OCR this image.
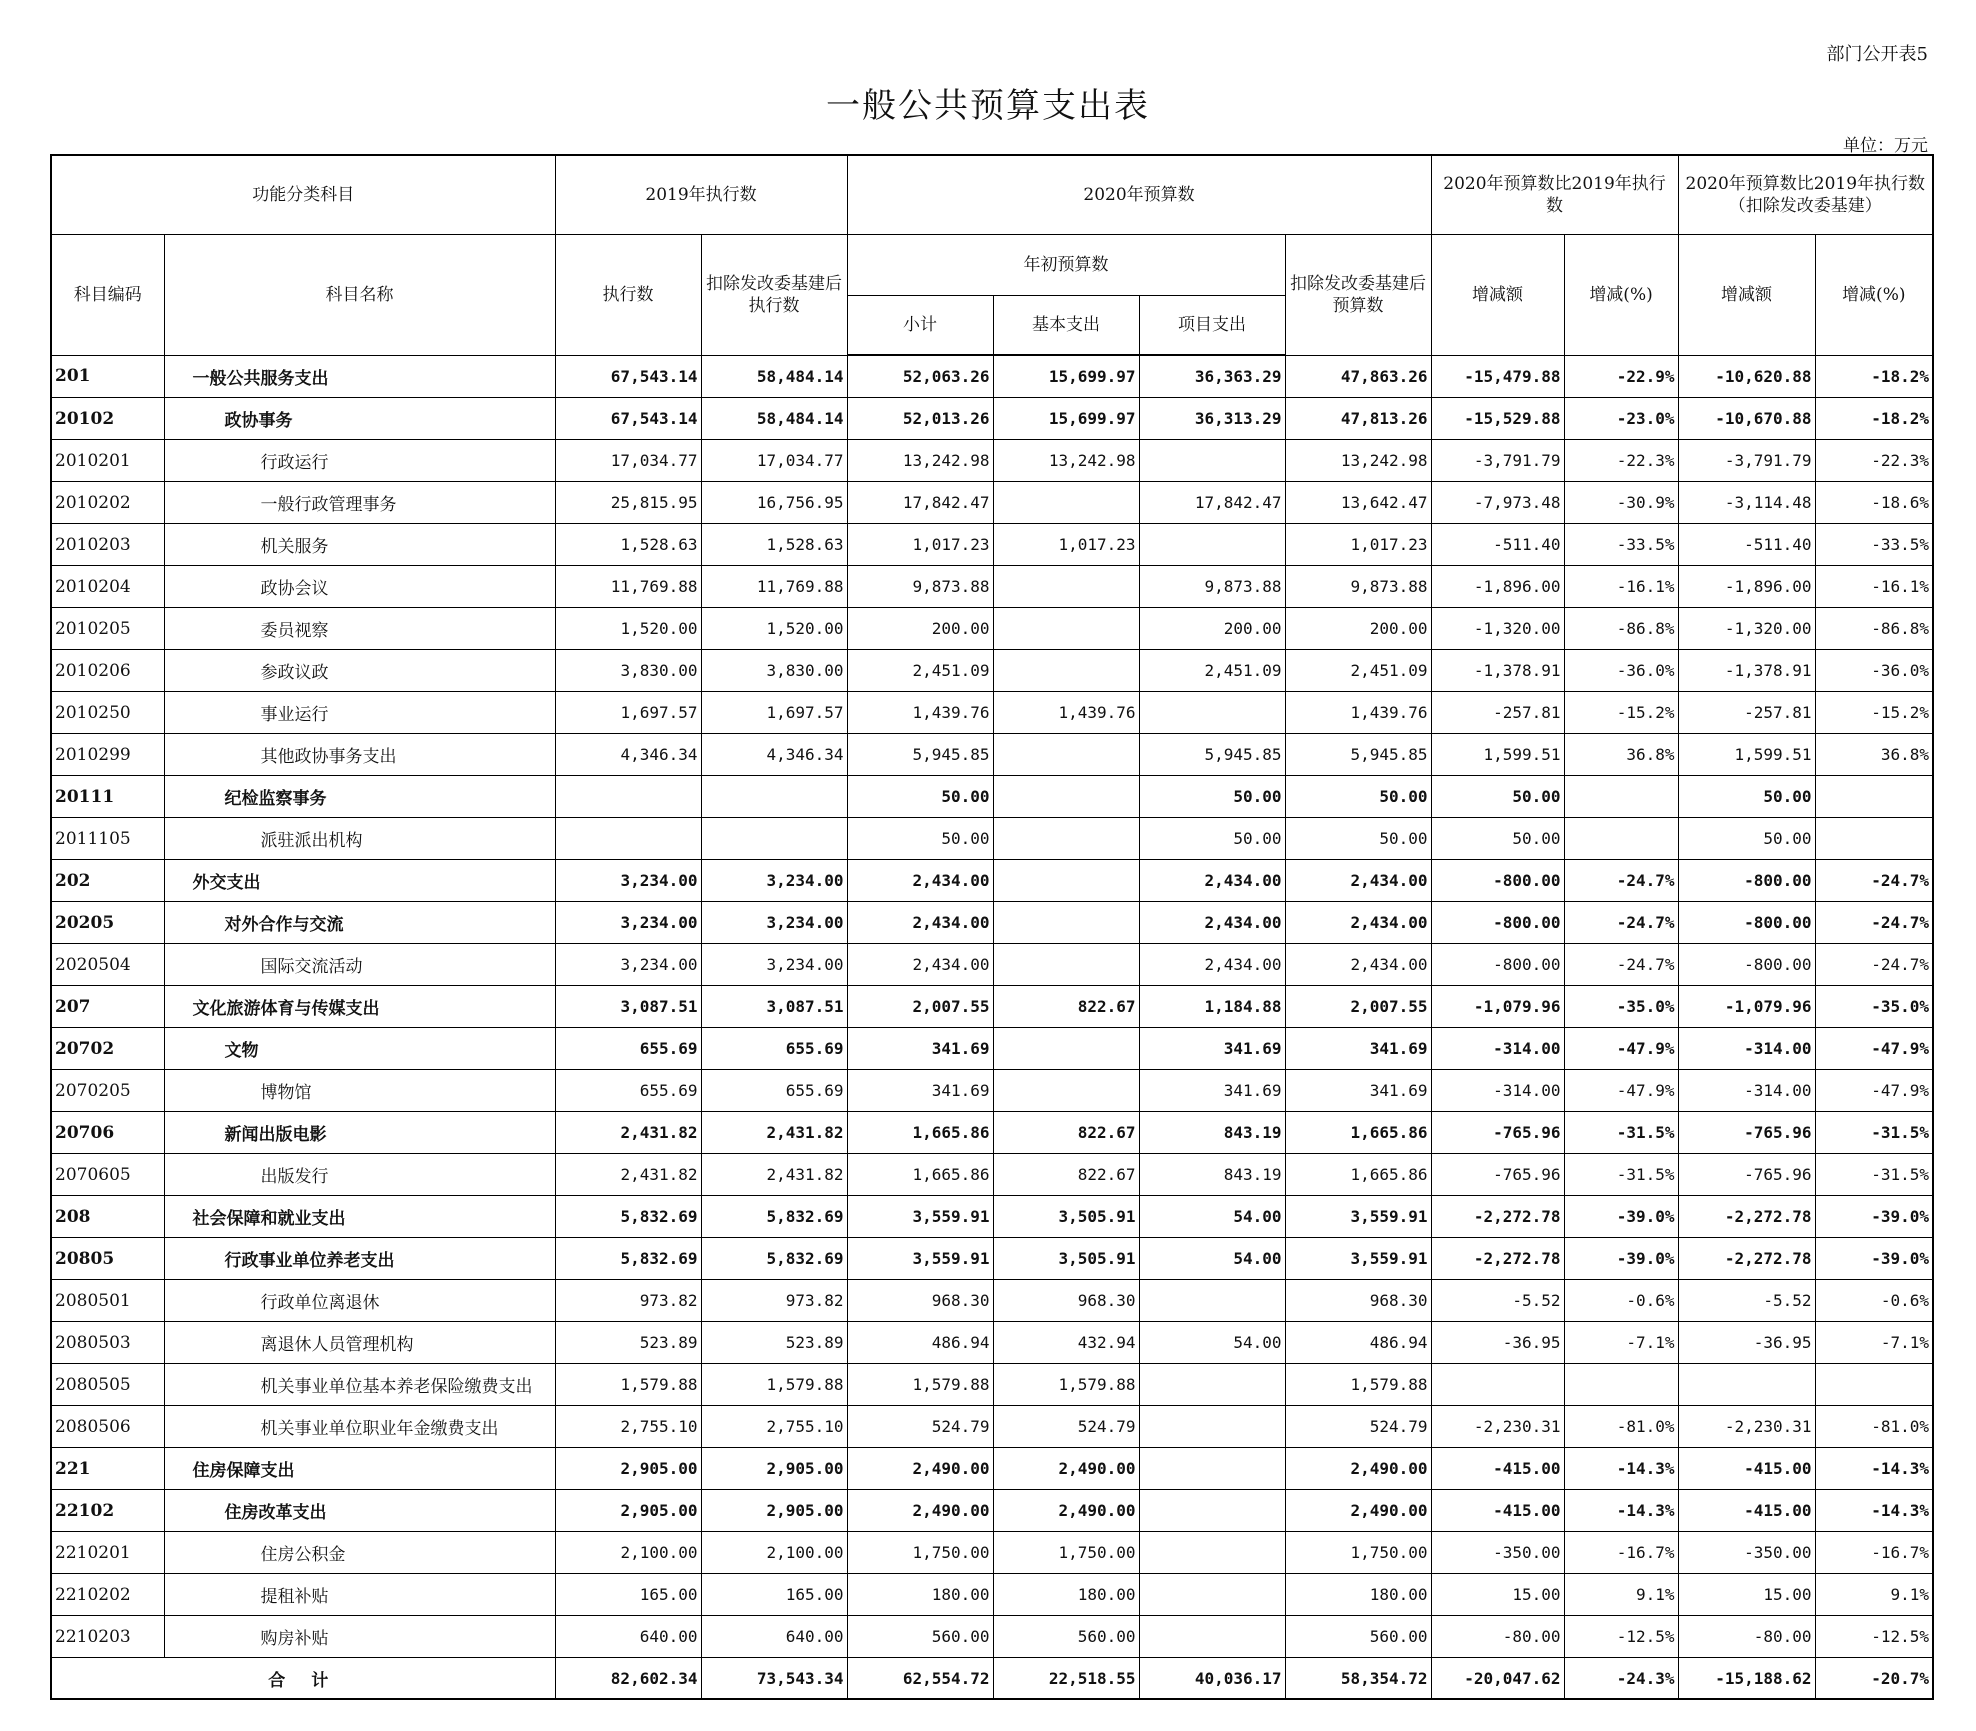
部门公开表5
一般公共预算支出表
单位：万元
功能分类科目		2019年执行数		2020年预算数				2020年预算数比2019年执行数		2020年预算数比2019年执行数（扣除发改委基建）	
科目编码	科目名称	执行数	扣除发改委基建后执行数	年初预算数			扣除发改委基建后预算数	增减额	增减(%)	增减额	增减(%)
				小计	基本支出	项目支出					
201	一般公共服务支出	67,543.14	58,484.14	52,063.26	15,699.97	36,363.29	47,863.26	-15,479.88	-22.9%	-10,620.88	-18.2%
20102	政协事务	67,543.14	58,484.14	52,013.26	15,699.97	36,313.29	47,813.26	-15,529.88	-23.0%	-10,670.88	-18.2%
2010201	行政运行	17,034.77	17,034.77	13,242.98	13,242.98		13,242.98	-3,791.79	-22.3%	-3,791.79	-22.3%
2010202	一般行政管理事务	25,815.95	16,756.95	17,842.47		17,842.47	13,642.47	-7,973.48	-30.9%	-3,114.48	-18.6%
2010203	机关服务	1,528.63	1,528.63	1,017.23	1,017.23		1,017.23	-511.40	-33.5%	-511.40	-33.5%
2010204	政协会议	11,769.88	11,769.88	9,873.88		9,873.88	9,873.88	-1,896.00	-16.1%	-1,896.00	-16.1%
2010205	委员视察	1,520.00	1,520.00	200.00		200.00	200.00	-1,320.00	-86.8%	-1,320.00	-86.8%
2010206	参政议政	3,830.00	3,830.00	2,451.09		2,451.09	2,451.09	-1,378.91	-36.0%	-1,378.91	-36.0%
2010250	事业运行	1,697.57	1,697.57	1,439.76	1,439.76		1,439.76	-257.81	-15.2%	-257.81	-15.2%
2010299	其他政协事务支出	4,346.34	4,346.34	5,945.85		5,945.85	5,945.85	1,599.51	36.8%	1,599.51	36.8%
20111	纪检监察事务			50.00		50.00	50.00	50.00		50.00	
2011105	派驻派出机构			50.00		50.00	50.00	50.00		50.00	
202	外交支出	3,234.00	3,234.00	2,434.00		2,434.00	2,434.00	-800.00	-24.7%	-800.00	-24.7%
20205	对外合作与交流	3,234.00	3,234.00	2,434.00		2,434.00	2,434.00	-800.00	-24.7%	-800.00	-24.7%
2020504	国际交流活动	3,234.00	3,234.00	2,434.00		2,434.00	2,434.00	-800.00	-24.7%	-800.00	-24.7%
207	文化旅游体育与传媒支出	3,087.51	3,087.51	2,007.55	822.67	1,184.88	2,007.55	-1,079.96	-35.0%	-1,079.96	-35.0%
20702	文物	655.69	655.69	341.69		341.69	341.69	-314.00	-47.9%	-314.00	-47.9%
2070205	博物馆	655.69	655.69	341.69		341.69	341.69	-314.00	-47.9%	-314.00	-47.9%
20706	新闻出版电影	2,431.82	2,431.82	1,665.86	822.67	843.19	1,665.86	-765.96	-31.5%	-765.96	-31.5%
2070605	出版发行	2,431.82	2,431.82	1,665.86	822.67	843.19	1,665.86	-765.96	-31.5%	-765.96	-31.5%
208	社会保障和就业支出	5,832.69	5,832.69	3,559.91	3,505.91	54.00	3,559.91	-2,272.78	-39.0%	-2,272.78	-39.0%
20805	行政事业单位养老支出	5,832.69	5,832.69	3,559.91	3,505.91	54.00	3,559.91	-2,272.78	-39.0%	-2,272.78	-39.0%
2080501	行政单位离退休	973.82	973.82	968.30	968.30		968.30	-5.52	-0.6%	-5.52	-0.6%
2080503	离退休人员管理机构	523.89	523.89	486.94	432.94	54.00	486.94	-36.95	-7.1%	-36.95	-7.1%
2080505	机关事业单位基本养老保险缴费支出	1,579.88	1,579.88	1,579.88	1,579.88		1,579.88				
2080506	机关事业单位职业年金缴费支出	2,755.10	2,755.10	524.79	524.79		524.79	-2,230.31	-81.0%	-2,230.31	-81.0%
221	住房保障支出	2,905.00	2,905.00	2,490.00	2,490.00		2,490.00	-415.00	-14.3%	-415.00	-14.3%
22102	住房改革支出	2,905.00	2,905.00	2,490.00	2,490.00		2,490.00	-415.00	-14.3%	-415.00	-14.3%
2210201	住房公积金	2,100.00	2,100.00	1,750.00	1,750.00		1,750.00	-350.00	-16.7%	-350.00	-16.7%
2210202	提租补贴	165.00	165.00	180.00	180.00		180.00	15.00	9.1%	15.00	9.1%
2210203	购房补贴	640.00	640.00	560.00	560.00		560.00	-80.00	-12.5%	-80.00	-12.5%
合 计		82,602.34	73,543.34	62,554.72	22,518.55	40,036.17	58,354.72	-20,047.62	-24.3%	-15,188.62	-20.7%
